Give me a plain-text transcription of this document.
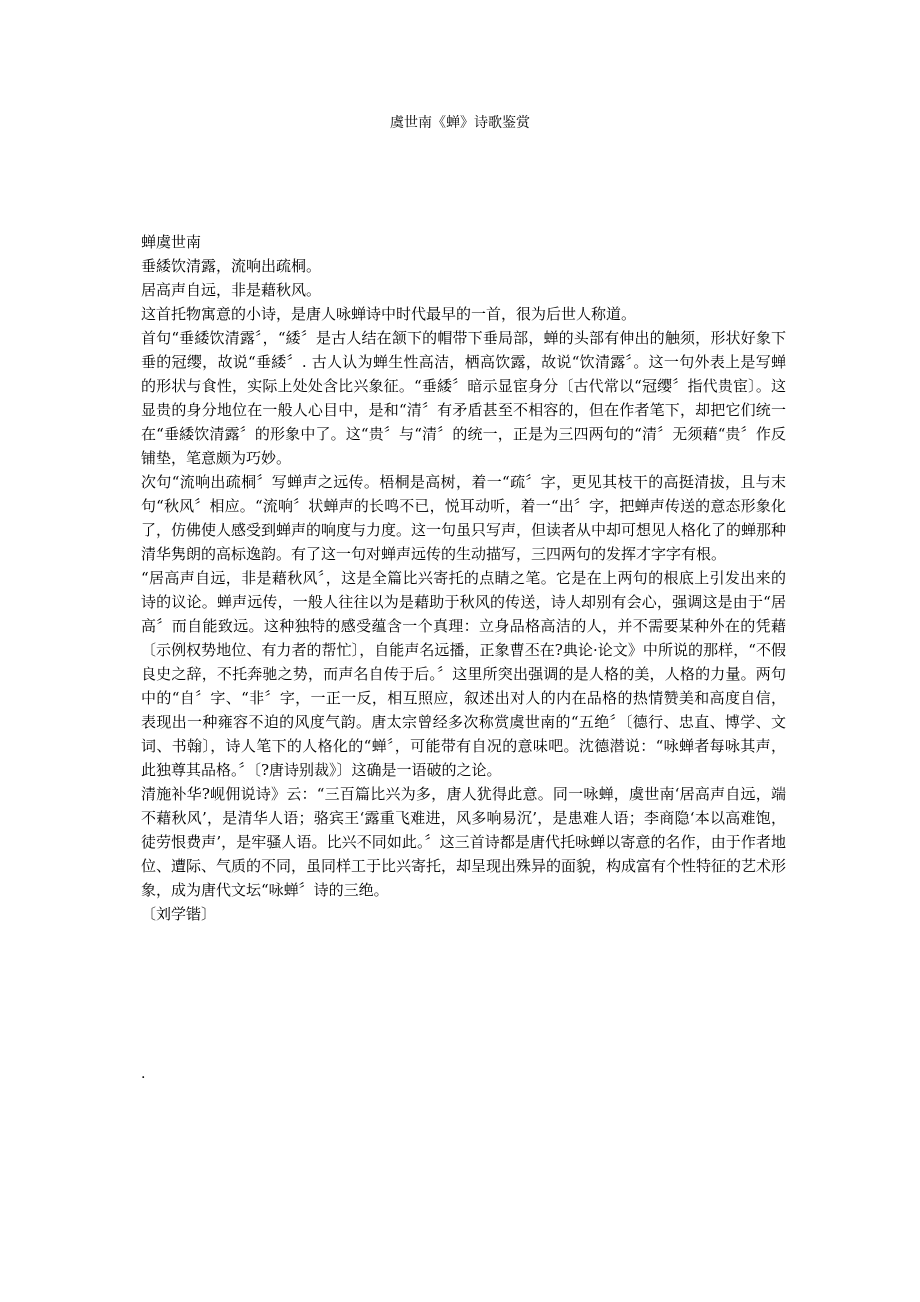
虞世南《蝉》诗歌鉴赏

蝉虞世南

垂緌饮清露，流响出疏桐。

居高声自远，非是藉秋风。

这首托物寓意的小诗，是唐人咏蝉诗中时代最早的一首，很为后世人称道。

首句“垂緌饮清露〞，“緌〞是古人结在颔下的帽带下垂局部，蝉的头部有伸出的触须，形状好象下垂的冠缨，故说“垂緌〞. 古人认为蝉生性高洁，栖高饮露，故说“饮清露〞。这一句外表上是写蝉的形状与食性，实际上处处含比兴象征。“垂緌〞暗示显宦身分〔古代常以“冠缨〞指代贵宦〕。这显贵的身分地位在一般人心目中，是和“清〞有矛盾甚至不相容的，但在作者笔下，却把它们统一在“垂緌饮清露〞的形象中了。这“贵〞与“清〞的统一，正是为三四两句的“清〞无须藉“贵〞作反铺垫，笔意颇为巧妙。

次句“流响出疏桐〞写蝉声之远传。梧桐是高树，着一“疏〞字，更见其枝干的高挺清拔，且与末句“秋风〞相应。“流响〞状蝉声的长鸣不已，悦耳动听，着一“出〞字，把蝉声传送的意态形象化了，仿佛使人感受到蝉声的响度与力度。这一句虽只写声，但读者从中却可想见人格化了的蝉那种清华隽朗的高标逸韵。有了这一句对蝉声远传的生动描写，三四两句的发挥才字字有根。

“居高声自远，非是藉秋风〞，这是全篇比兴寄托的点睛之笔。它是在上两句的根底上引发出来的诗的议论。蝉声远传，一般人往往以为是藉助于秋风的传送，诗人却别有会心，强调这是由于“居高〞而自能致远。这种独特的感受蕴含一个真理：立身品格高洁的人，并不需要某种外在的凭藉〔示例权势地位、有力者的帮忙〕，自能声名远播，正象曹丕在?典论·论文》中所说的那样，“不假良史之辞，不托奔驰之势，而声名自传于后。〞这里所突出强调的是人格的美，人格的力量。两句中的“自〞字、“非〞字，一正一反，相互照应，叙述出对人的内在品格的热情赞美和高度自信，表现出一种雍容不迫的风度气韵。唐太宗曾经多次称赏虞世南的“五绝〞〔德行、忠直、博学、文词、书翰〕，诗人笔下的人格化的“蝉〞，可能带有自况的意味吧。沈德潜说：“咏蝉者每咏其声，此独尊其品格。〞〔?唐诗别裁》〕这确是一语破的之论。

清施补华?岘佣说诗》云：“三百篇比兴为多，唐人犹得此意。同一咏蝉，虞世南‘居高声自远，端不藉秋风’，是清华人语；骆宾王‘露重飞难进，风多响易沉’，是患难人语；李商隐‘本以高难饱，徒劳恨费声’，是牢骚人语。比兴不同如此。〞这三首诗都是唐代托咏蝉以寄意的名作，由于作者地位、遭际、气质的不同，虽同样工于比兴寄托，却呈现出殊异的面貌，构成富有个性特征的艺术形象，成为唐代文坛“咏蝉〞诗的三绝。

〔刘学锴〕

.
